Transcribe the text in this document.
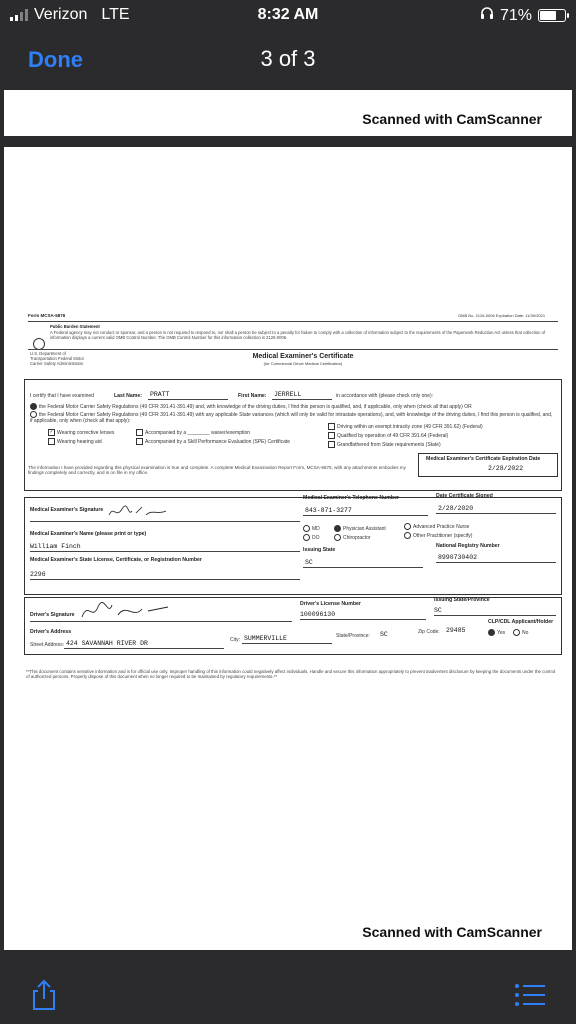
Verizon LTE	8:32 AM	71%
Done	3 of 3
Scanned with CamScanner
Scanned with CamScanner
Form MCSA-5876	OMB No. 2126-0006 Expiration Date: 11/30/2021
Public Burden Statement
A Federal agency may not conduct or sponsor, and a person is not required to respond to, nor shall a person be subject to a penalty for failure to comply with a collection of information subject to the requirements of the Paperwork Reduction Act unless that collection of information displays a current valid OMB Control Number. The OMB Control Number for this information collection is 2126-0006.
U.S. Department of Transportation Federal Motor Carrier Safety Administration
Medical Examiner's Certificate
(for Commercial Driver Medical Certification)
I certify that I have examined	Last Name: PRATT	First Name: JERRELL	in accordance with (please check only one):
the Federal Motor Carrier Safety Regulations (49 CFR 391.41-391.49) and, with knowledge of the driving duties, I find this person is qualified, and, if applicable, only when (check all that apply) OR
the Federal Motor Carrier Safety Regulations (49 CFR 391.41-391.49) with any applicable State variances (which will only be valid for intrastate operations), and, with knowledge of the driving duties, I find this person is qualified, and, if applicable, only when (check all that apply):
✓ Wearing corrective lenses
Wearing hearing aid
Accompanied by a ________ waiver/exemption
Accompanied by a Skill Performance Evaluation (SPE) Certificate
Driving within an exempt intracity zone (49 CFR 391.62) (Federal)
Qualified by operation of 49 CFR 391.64 (Federal)
Grandfathered from State requirements (State)
Medical Examiner's Certificate Expiration Date
2/28/2022
The information I have provided regarding this physical examination is true and complete. A complete Medical Examination Report Form, MCSA-5875, with any attachments embodies my findings completely and correctly, and is on file in my office.
Medical Examiner's Signature
Medical Examiner's Telephone Number
843-871-3277
Date Certificate Signed
2/28/2020
Medical Examiner's Name (please print or type)
William Finch
MD
DO
Physician Assistant
Chiropractor
Advanced Practice Nurse
Other Practitioner (specify)
Medical Examiner's State License, Certificate, or Registration Number
2296
Issuing State
SC
National Registry Number
8990730402
Driver's Signature
Driver's License Number
100096130
Issuing State/Province
SC
CLP/CDL Applicant/Holder
Driver's Address
Street Address: 424 SAVANNAH RIVER DR	City: SUMMERVILLE	State/Province: SC	Zip Code: 29485	Yes	No
**This document contains sensitive information and is for official use only. Improper handling of this information could negatively affect individuals. Handle and secure this information appropriately to prevent inadvertent disclosure by keeping the documents under the control of authorized persons. Properly dispose of this document when no longer required to be maintained by regulatory requirements.**
